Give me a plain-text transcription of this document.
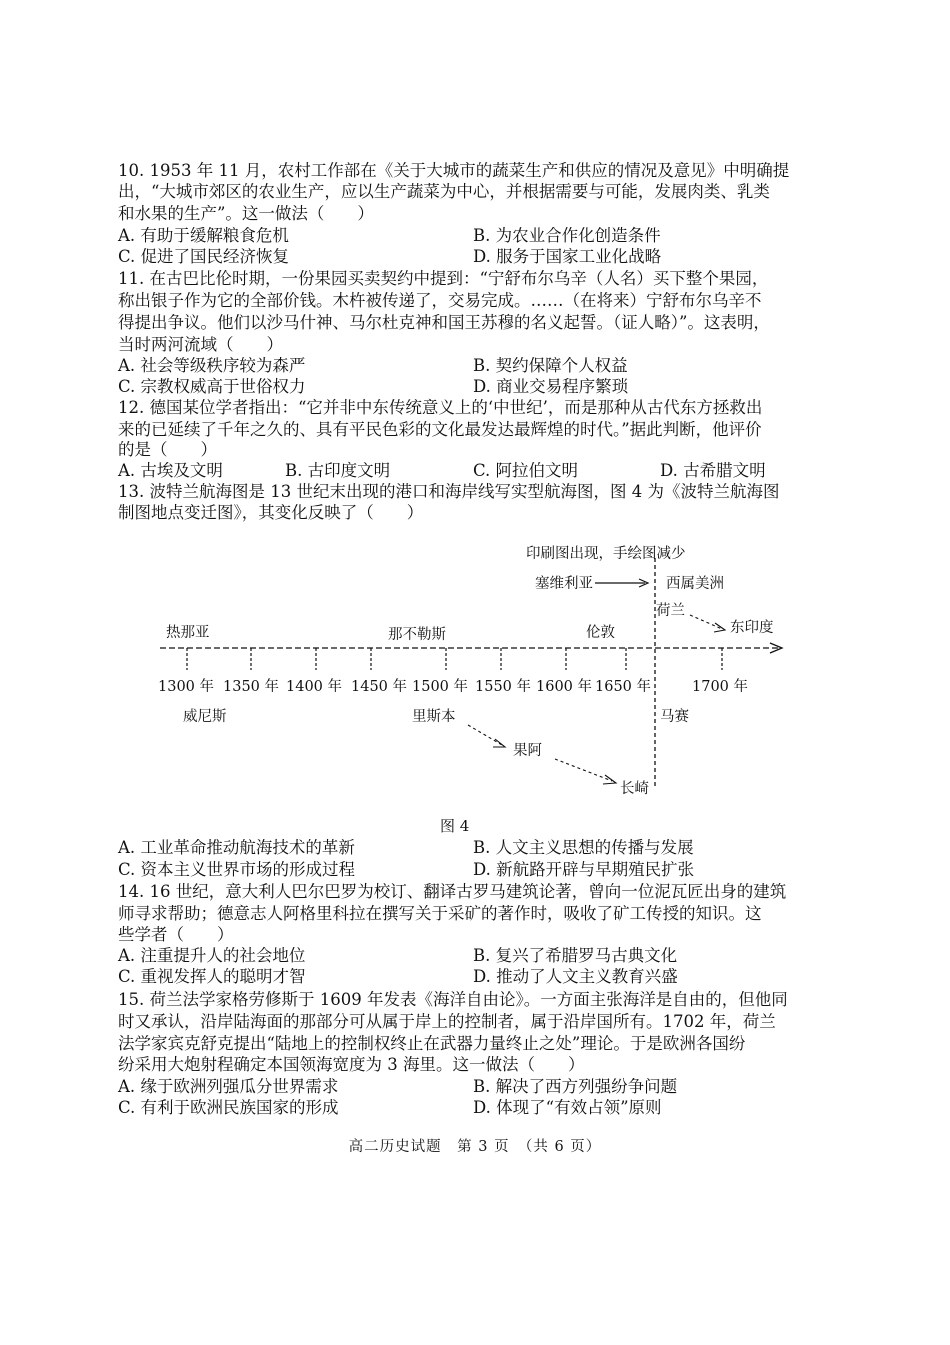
10. 1953 年 11 月，农村工作部在《关于大城市的蔬菜生产和供应的情况及意见》中明确提
出，“大城市郊区的农业生产，应以生产蔬菜为中心，并根据需要与可能，发展肉类、乳类
和水果的生产”。这一做法（　　）
A. 有助于缓解粮食危机	B. 为农业合作化创造条件
C. 促进了国民经济恢复	D. 服务于国家工业化战略
11. 在古巴比伦时期，一份果园买卖契约中提到：“宁舒布尔乌辛（人名）买下整个果园，
称出银子作为它的全部价钱。木杵被传递了，交易完成。……（在将来）宁舒布尔乌辛不
得提出争议。他们以沙马什神、马尔杜克神和国王苏穆的名义起誓。（证人略）”。这表明，
当时两河流域（　　）
A. 社会等级秩序较为森严	B. 契约保障个人权益
C. 宗教权威高于世俗权力	D. 商业交易程序繁琐
12. 德国某位学者指出：“它并非中东传统意义上的‘中世纪’，而是那种从古代东方拯救出
来的已延续了千年之久的、具有平民色彩的文化最发达最辉煌的时代。”据此判断，他评价
的是（　　）
A. 古埃及文明	B. 古印度文明	C. 阿拉伯文明	D. 古希腊文明
13. 波特兰航海图是 13 世纪末出现的港口和海岸线写实型航海图，图 4 为《波特兰航海图
制图地点变迁图》，其变化反映了（　　）
印刷图出现，手绘图减少
1300 年 1350 年 1400 年 1450 年 1500 年 1550 年 1600 年 1650 年	1700 年
热那亚	那不勒斯	伦敦
塞维利亚	西属美洲
荷兰
东印度
威尼斯	里斯本
果阿
长崎
马赛
图 4
A. 工业革命推动航海技术的革新	B. 人文主义思想的传播与发展
C. 资本主义世界市场的形成过程	D. 新航路开辟与早期殖民扩张
14. 16 世纪，意大利人巴尔巴罗为校订、翻译古罗马建筑论著，曾向一位泥瓦匠出身的建筑
师寻求帮助；德意志人阿格里科拉在撰写关于采矿的著作时，吸收了矿工传授的知识。这
些学者（　　）
A. 注重提升人的社会地位	B. 复兴了希腊罗马古典文化
C. 重视发挥人的聪明才智	D. 推动了人文主义教育兴盛
15. 荷兰法学家格劳修斯于 1609 年发表《海洋自由论》。一方面主张海洋是自由的，但他同
时又承认，沿岸陆海面的那部分可从属于岸上的控制者，属于沿岸国所有。1702 年，荷兰
法学家宾克舒克提出“陆地上的控制权终止在武器力量终止之处”理论。于是欧洲各国纷
纷采用大炮射程确定本国领海宽度为 3 海里。这一做法（　　）
A. 缘于欧洲列强瓜分世界需求	B. 解决了西方列强纷争问题
C. 有利于欧洲民族国家的形成	D. 体现了“有效占领”原则
高二历史试题　第 3 页　（共 6 页）
